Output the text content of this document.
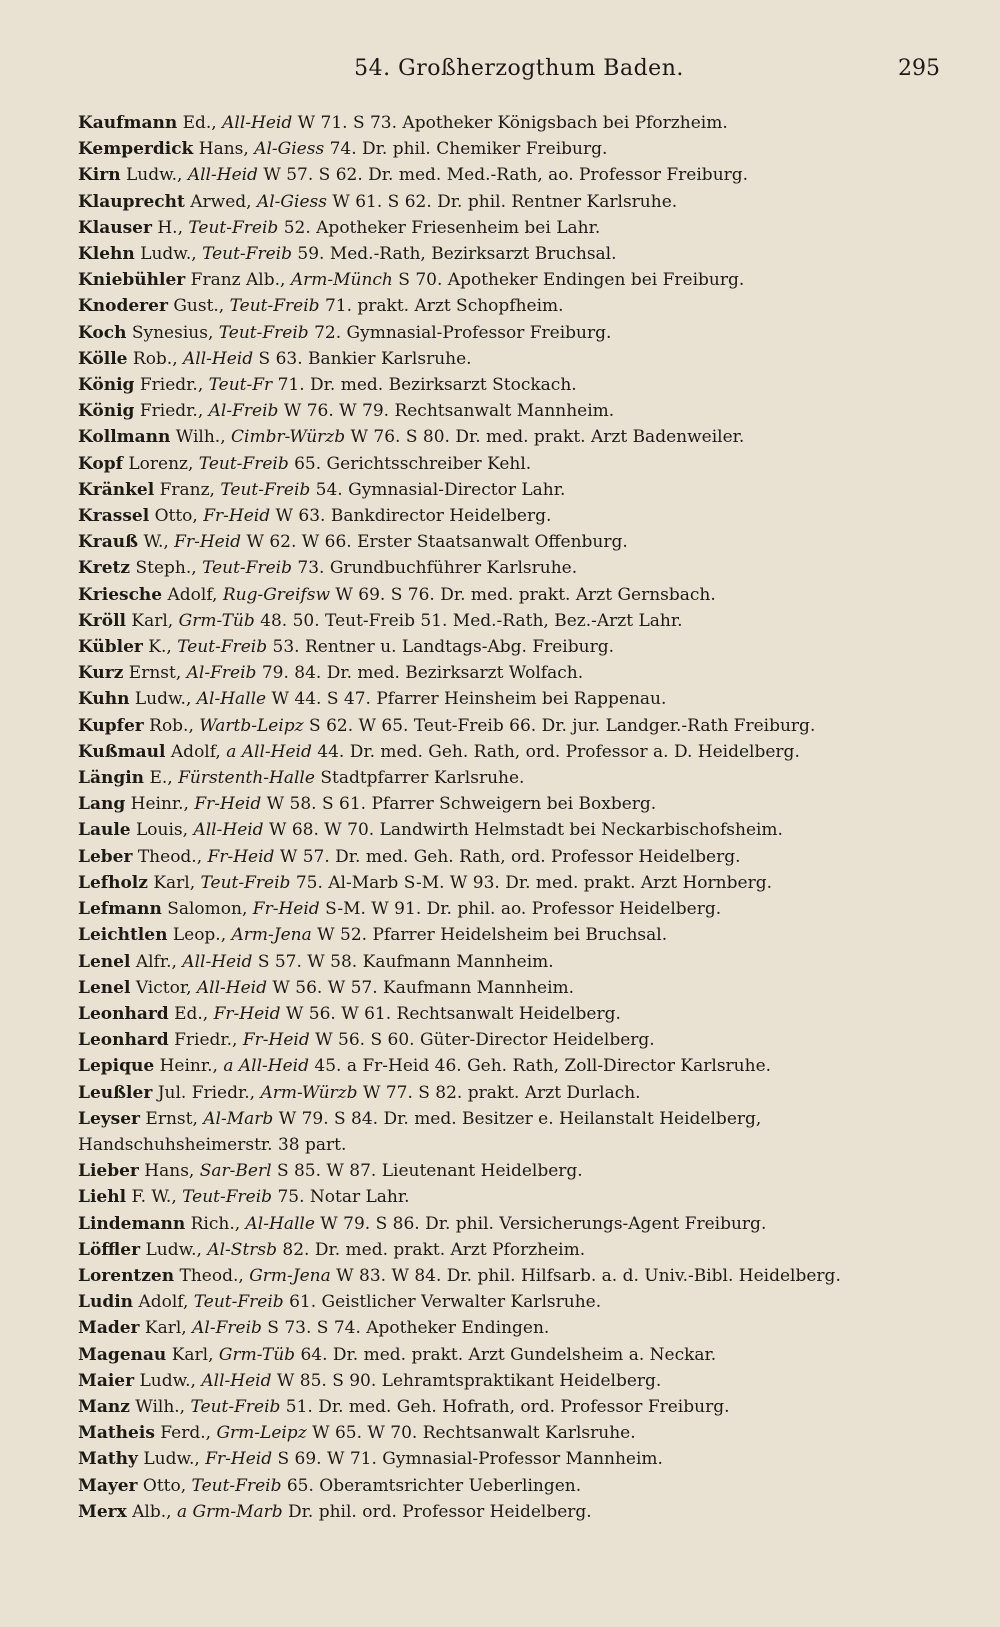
54. Großherzogthum Baden.	295
Kaufmann Ed., All-Heid W 71. S 73. Apotheker Königsbach bei Pforzheim.
Kemperdick Hans, Al-Giess 74. Dr. phil. Chemiker Freiburg.
Kirn Ludw., All-Heid W 57. S 62. Dr. med. Med.-Rath, ao. Professor Freiburg.
Klauprecht Arwed, Al-Giess W 61. S 62. Dr. phil. Rentner Karlsruhe.
Klauser H., Teut-Freib 52. Apotheker Friesenheim bei Lahr.
Klehn Ludw., Teut-Freib 59. Med.-Rath, Bezirksarzt Bruchsal.
Kniebühler Franz Alb., Arm-Münch S 70. Apotheker Endingen bei Freiburg.
Knoderer Gust., Teut-Freib 71. prakt. Arzt Schopfheim.
Koch Synesius, Teut-Freib 72. Gymnasial-Professor Freiburg.
Kölle Rob., All-Heid S 63. Bankier Karlsruhe.
König Friedr., Teut-Fr 71. Dr. med. Bezirksarzt Stockach.
König Friedr., Al-Freib W 76. W 79. Rechtsanwalt Mannheim.
Kollmann Wilh., Cimbr-Würzb W 76. S 80. Dr. med. prakt. Arzt Badenweiler.
Kopf Lorenz, Teut-Freib 65. Gerichtsschreiber Kehl.
Kränkel Franz, Teut-Freib 54. Gymnasial-Director Lahr.
Krassel Otto, Fr-Heid W 63. Bankdirector Heidelberg.
Krauß W., Fr-Heid W 62. W 66. Erster Staatsanwalt Offenburg.
Kretz Steph., Teut-Freib 73. Grundbuchführer Karlsruhe.
Kriesche Adolf, Rug-Greifsw W 69. S 76. Dr. med. prakt. Arzt Gernsbach.
Kröll Karl, Grm-Tüb 48. 50. Teut-Freib 51. Med.-Rath, Bez.-Arzt Lahr.
Kübler K., Teut-Freib 53. Rentner u. Landtags-Abg. Freiburg.
Kurz Ernst, Al-Freib 79. 84. Dr. med. Bezirksarzt Wolfach.
Kuhn Ludw., Al-Halle W 44. S 47. Pfarrer Heinsheim bei Rappenau.
Kupfer Rob., Wartb-Leipz S 62. W 65. Teut-Freib 66. Dr. jur. Landger.-Rath Freiburg.
Kußmaul Adolf, a All-Heid 44. Dr. med. Geh. Rath, ord. Professor a. D. Heidelberg.
Längin E., Fürstenth-Halle Stadtpfarrer Karlsruhe.
Lang Heinr., Fr-Heid W 58. S 61. Pfarrer Schweigern bei Boxberg.
Laule Louis, All-Heid W 68. W 70. Landwirth Helmstadt bei Neckarbischofsheim.
Leber Theod., Fr-Heid W 57. Dr. med. Geh. Rath, ord. Professor Heidelberg.
Lefholz Karl, Teut-Freib 75. Al-Marb S-M. W 93. Dr. med. prakt. Arzt Hornberg.
Lefmann Salomon, Fr-Heid S-M. W 91. Dr. phil. ao. Professor Heidelberg.
Leichtlen Leop., Arm-Jena W 52. Pfarrer Heidelsheim bei Bruchsal.
Lenel Alfr., All-Heid S 57. W 58. Kaufmann Mannheim.
Lenel Victor, All-Heid W 56. W 57. Kaufmann Mannheim.
Leonhard Ed., Fr-Heid W 56. W 61. Rechtsanwalt Heidelberg.
Leonhard Friedr., Fr-Heid W 56. S 60. Güter-Director Heidelberg.
Lepique Heinr., a All-Heid 45. a Fr-Heid 46. Geh. Rath, Zoll-Director Karlsruhe.
Leußler Jul. Friedr., Arm-Würzb W 77. S 82. prakt. Arzt Durlach.
Leyser Ernst, Al-Marb W 79. S 84. Dr. med. Besitzer e. Heilanstalt Heidelberg, Handschuhsheimerstr. 38 part.
Lieber Hans, Sar-Berl S 85. W 87. Lieutenant Heidelberg.
Liehl F. W., Teut-Freib 75. Notar Lahr.
Lindemann Rich., Al-Halle W 79. S 86. Dr. phil. Versicherungs-Agent Freiburg.
Löffler Ludw., Al-Strsb 82. Dr. med. prakt. Arzt Pforzheim.
Lorentzen Theod., Grm-Jena W 83. W 84. Dr. phil. Hilfsarb. a. d. Univ.-Bibl. Heidelberg.
Ludin Adolf, Teut-Freib 61. Geistlicher Verwalter Karlsruhe.
Mader Karl, Al-Freib S 73. S 74. Apotheker Endingen.
Magenau Karl, Grm-Tüb 64. Dr. med. prakt. Arzt Gundelsheim a. Neckar.
Maier Ludw., All-Heid W 85. S 90. Lehramtspraktikant Heidelberg.
Manz Wilh., Teut-Freib 51. Dr. med. Geh. Hofrath, ord. Professor Freiburg.
Matheis Ferd., Grm-Leipz W 65. W 70. Rechtsanwalt Karlsruhe.
Mathy Ludw., Fr-Heid S 69. W 71. Gymnasial-Professor Mannheim.
Mayer Otto, Teut-Freib 65. Oberamtsrichter Ueberlingen.
Merx Alb., a Grm-Marb Dr. phil. ord. Professor Heidelberg.
